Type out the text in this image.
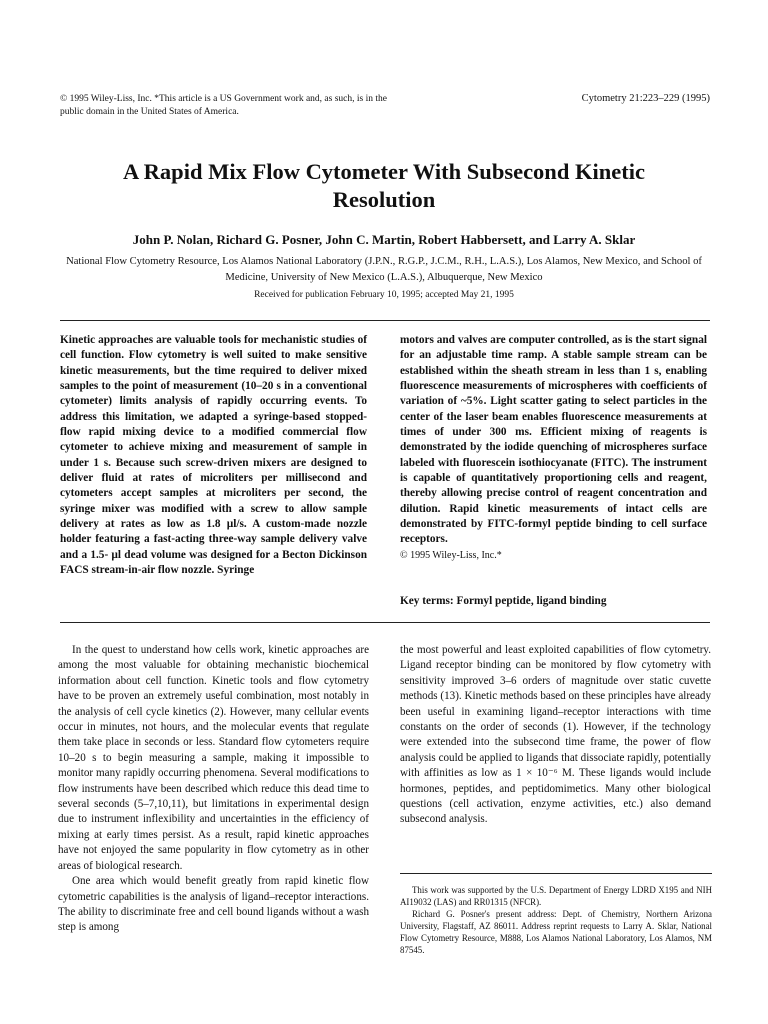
© 1995 Wiley-Liss, Inc. *This article is a US Government work and, as such, is in the public domain in the United States of America.
Cytometry 21:223–229 (1995)
A Rapid Mix Flow Cytometer With Subsecond Kinetic Resolution
John P. Nolan, Richard G. Posner, John C. Martin, Robert Habbersett, and Larry A. Sklar
National Flow Cytometry Resource, Los Alamos National Laboratory (J.P.N., R.G.P., J.C.M., R.H., L.A.S.), Los Alamos, New Mexico, and School of Medicine, University of New Mexico (L.A.S.), Albuquerque, New Mexico
Received for publication February 10, 1995; accepted May 21, 1995

Kinetic approaches are valuable tools for mechanistic studies of cell function. Flow cytometry is well suited to make sensitive kinetic measurements, but the time required to deliver mixed samples to the point of measurement (10–20 s in a conventional cytometer) limits analysis of rapidly occurring events. To address this limitation, we adapted a syringe-based stopped-flow rapid mixing device to a modified commercial flow cytometer to achieve mixing and measurement of sample in under 1 s. Because such screw-driven mixers are designed to deliver fluid at rates of microliters per millisecond and cytometers accept samples at microliters per second, the syringe mixer was modified with a screw to allow sample delivery at rates as low as 1.8 µl/s. A custom-made nozzle holder featuring a fast-acting three-way sample delivery valve and a 1.5- µl dead volume was designed for a Becton Dickinson FACS stream-in-air flow nozzle. Syringe

motors and valves are computer controlled, as is the start signal for an adjustable time ramp. A stable sample stream can be established within the sheath stream in less than 1 s, enabling fluorescence measurements of microspheres with coefficients of variation of ~5%. Light scatter gating to select particles in the center of the laser beam enables fluorescence measurements at times of under 300 ms. Efficient mixing of reagents is demonstrated by the iodide quenching of microspheres surface labeled with fluorescein isothiocyanate (FITC). The instrument is capable of quantitatively proportioning cells and reagent, thereby allowing precise control of reagent concentration and dilution. Rapid kinetic measurements of intact cells are demonstrated by FITC-formyl peptide binding to cell surface receptors.

© 1995 Wiley-Liss, Inc.*

Key terms: Formyl peptide, ligand binding

In the quest to understand how cells work, kinetic approaches are among the most valuable for obtaining mechanistic biochemical information about cell function. Kinetic tools and flow cytometry have to be proven an extremely useful combination, most notably in the analysis of cell cycle kinetics (2). However, many cellular events occur in minutes, not hours, and the molecular events that regulate them take place in seconds or less. Standard flow cytometers require 10–20 s to begin measuring a sample, making it impossible to monitor many rapidly occurring phenomena. Several modifications to flow instruments have been described which reduce this dead time to several seconds (5–7,10,11), but limitations in experimental design due to instrument inflexibility and uncertainties in the efficiency of mixing at early times persist. As a result, rapid kinetic approaches have not enjoyed the same popularity in flow cytometry as in other areas of biological research.

One area which would benefit greatly from rapid kinetic flow cytometric capabilities is the analysis of ligand–receptor interactions. The ability to discriminate free and cell bound ligands without a wash step is among

the most powerful and least exploited capabilities of flow cytometry. Ligand receptor binding can be monitored by flow cytometry with sensitivity improved 3–6 orders of magnitude over static cuvette methods (13). Kinetic methods based on these principles have already been useful in examining ligand–receptor interactions with time constants on the order of seconds (1). However, if the technology were extended into the subsecond time frame, the power of flow analysis could be applied to ligands that dissociate rapidly, potentially with affinities as low as 1 × 10⁻⁶ M. These ligands would include hormones, peptides, and peptidomimetics. Many other biological questions (cell activation, enzyme activities, etc.) also demand subsecond analysis.

This work was supported by the U.S. Department of Energy LDRD X195 and NIH AI19032 (LAS) and RR01315 (NFCR).

Richard G. Posner's present address: Dept. of Chemistry, Northern Arizona University, Flagstaff, AZ 86011. Address reprint requests to Larry A. Sklar, National Flow Cytometry Resource, M888, Los Alamos National Laboratory, Los Alamos, NM 87545.
